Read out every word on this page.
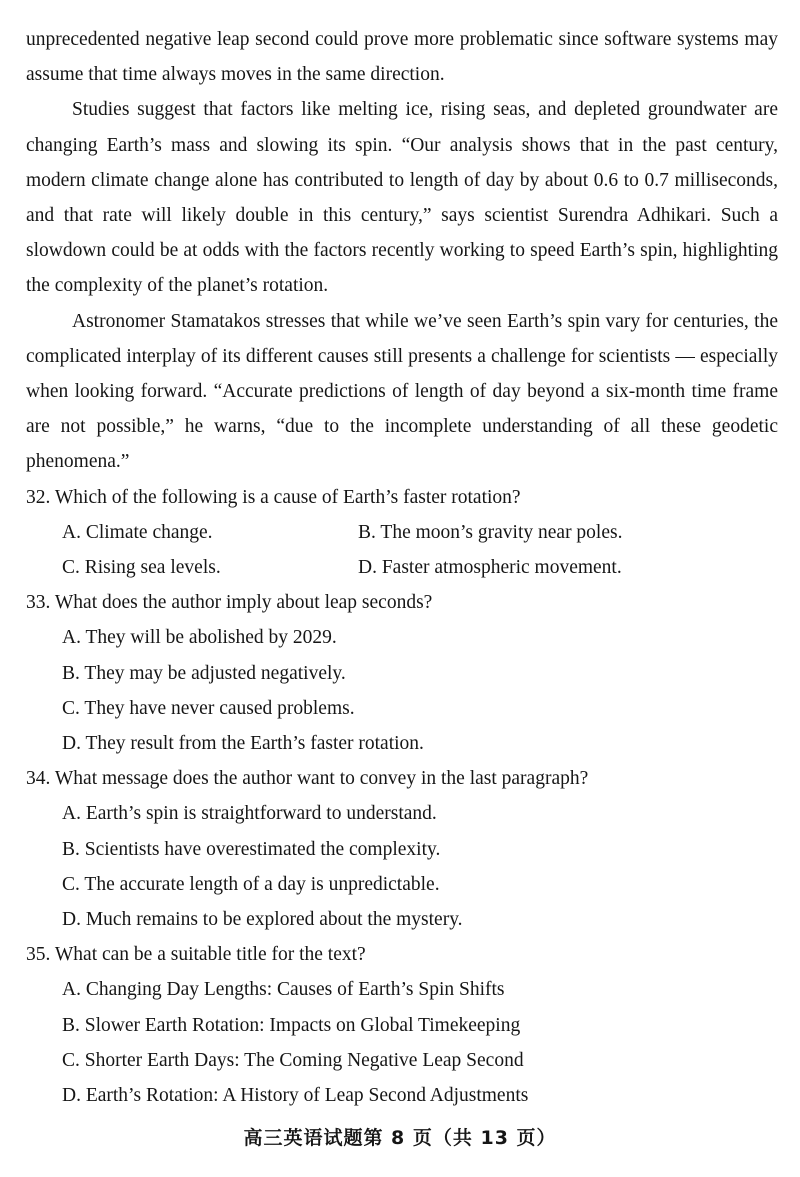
unprecedented negative leap second could prove more problematic since software systems may assume that time always moves in the same direction.

Studies suggest that factors like melting ice, rising seas, and depleted groundwater are changing Earth’s mass and slowing its spin. “Our analysis shows that in the past century, modern climate change alone has contributed to length of day by about 0.6 to 0.7 milliseconds, and that rate will likely double in this century,” says scientist Surendra Adhikari. Such a slowdown could be at odds with the factors recently working to speed Earth’s spin, highlighting the complexity of the planet’s rotation.

Astronomer Stamatakos stresses that while we’ve seen Earth’s spin vary for centuries, the complicated interplay of its different causes still presents a challenge for scientists — especially when looking forward. “Accurate predictions of length of day beyond a six-month time frame are not possible,” he warns, “due to the incomplete understanding of all these geodetic phenomena.”

32. Which of the following is a cause of Earth’s faster rotation?

A. Climate change.	B. The moon’s gravity near poles.
C. Rising sea levels.	D. Faster atmospheric movement.

33. What does the author imply about leap seconds?

A. They will be abolished by 2029.
B. They may be adjusted negatively.
C. They have never caused problems.
D. They result from the Earth’s faster rotation.

34. What message does the author want to convey in the last paragraph?

A. Earth’s spin is straightforward to understand.
B. Scientists have overestimated the complexity.
C. The accurate length of a day is unpredictable.
D. Much remains to be explored about the mystery.

35. What can be a suitable title for the text?

A. Changing Day Lengths: Causes of Earth’s Spin Shifts
B. Slower Earth Rotation: Impacts on Global Timekeeping
C. Shorter Earth Days: The Coming Negative Leap Second
D. Earth’s Rotation: A History of Leap Second Adjustments
高三英语试题第 8 页（共 13 页）
